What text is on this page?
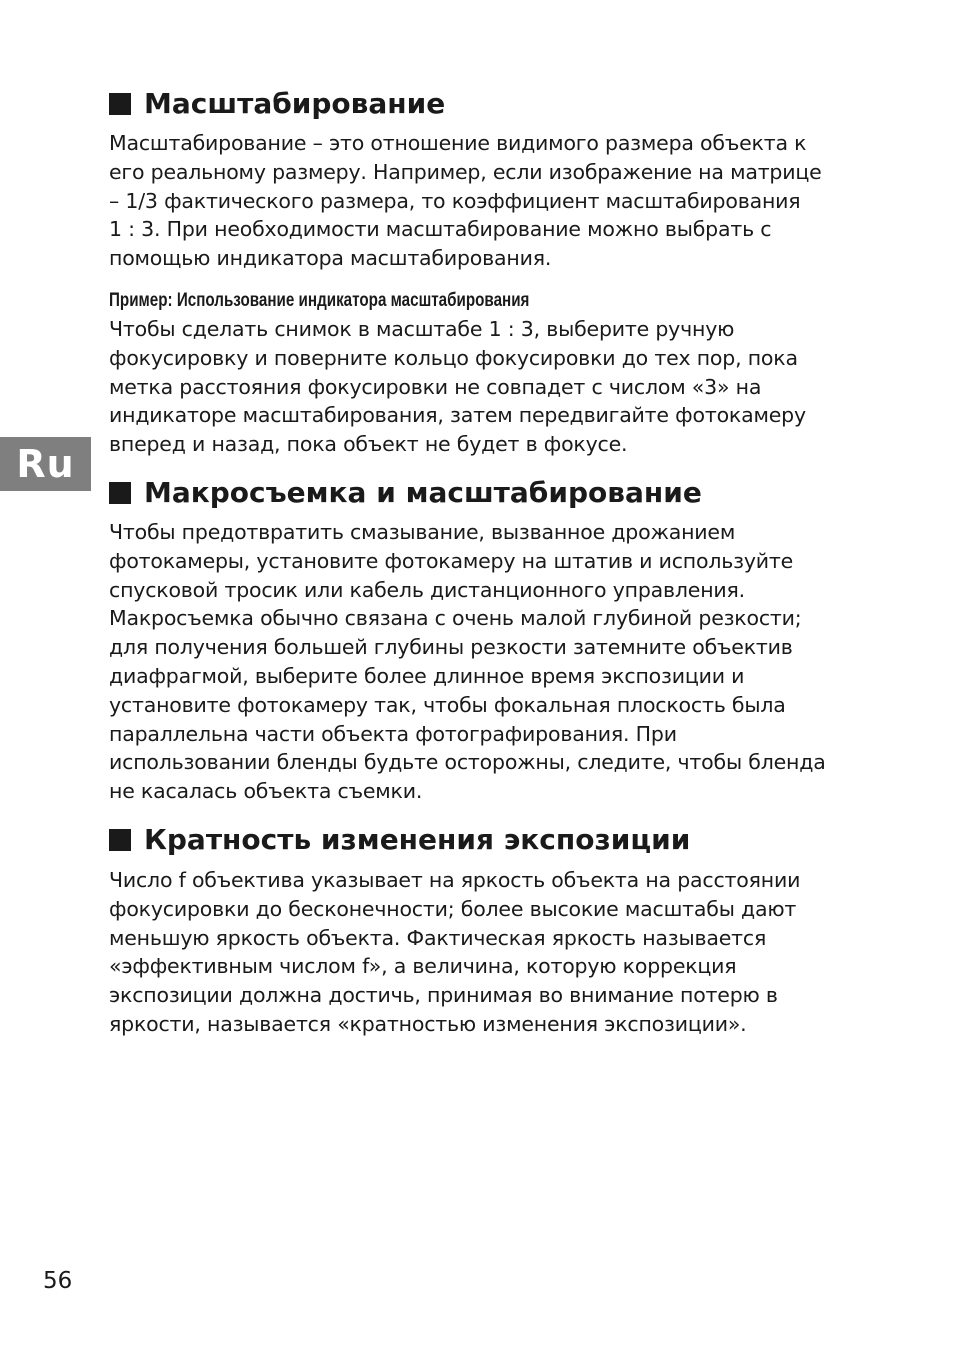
Ru
Масштабирование

Масштабирование – это отношение видимого размера объекта к
его реальному размеру. Например, если изображение на матрице
– 1/3 фактического размера, то коэффициент масштабирования
1 : 3. При необходимости масштабирование можно выбрать с
помощью индикатора масштабирования.

Пример: Использование индикатора масштабирования

Чтобы сделать снимок в масштабе 1 : 3, выберите ручную
фокусировку и поверните кольцо фокусировки до тех пор, пока
метка расстояния фокусировки не совпадет с числом «3» на
индикаторе масштабирования, затем передвигайте фотокамеру
вперед и назад, пока объект не будет в фокусе.

Макросъемка и масштабирование

Чтобы предотвратить смазывание, вызванное дрожанием
фотокамеры, установите фотокамеру на штатив и используйте
спусковой тросик или кабель дистанционного управления.
Макросъемка обычно связана с очень малой глубиной резкости;
для получения большей глубины резкости затемните объектив
диафрагмой, выберите более длинное время экспозиции и
установите фотокамеру так, чтобы фокальная плоскость была
параллельна части объекта фотографирования. При
использовании бленды будьте осторожны, следите, чтобы бленда
не касалась объекта съемки.

Кратность изменения экспозиции

Число f объектива указывает на яркость объекта на расстоянии
фокусировки до бесконечности; более высокие масштабы дают
меньшую яркость объекта. Фактическая яркость называется
«эффективным числом f», а величина, которую коррекция
экспозиции должна достичь, принимая во внимание потерю в
яркости, называется «кратностью изменения экспозиции».

56
